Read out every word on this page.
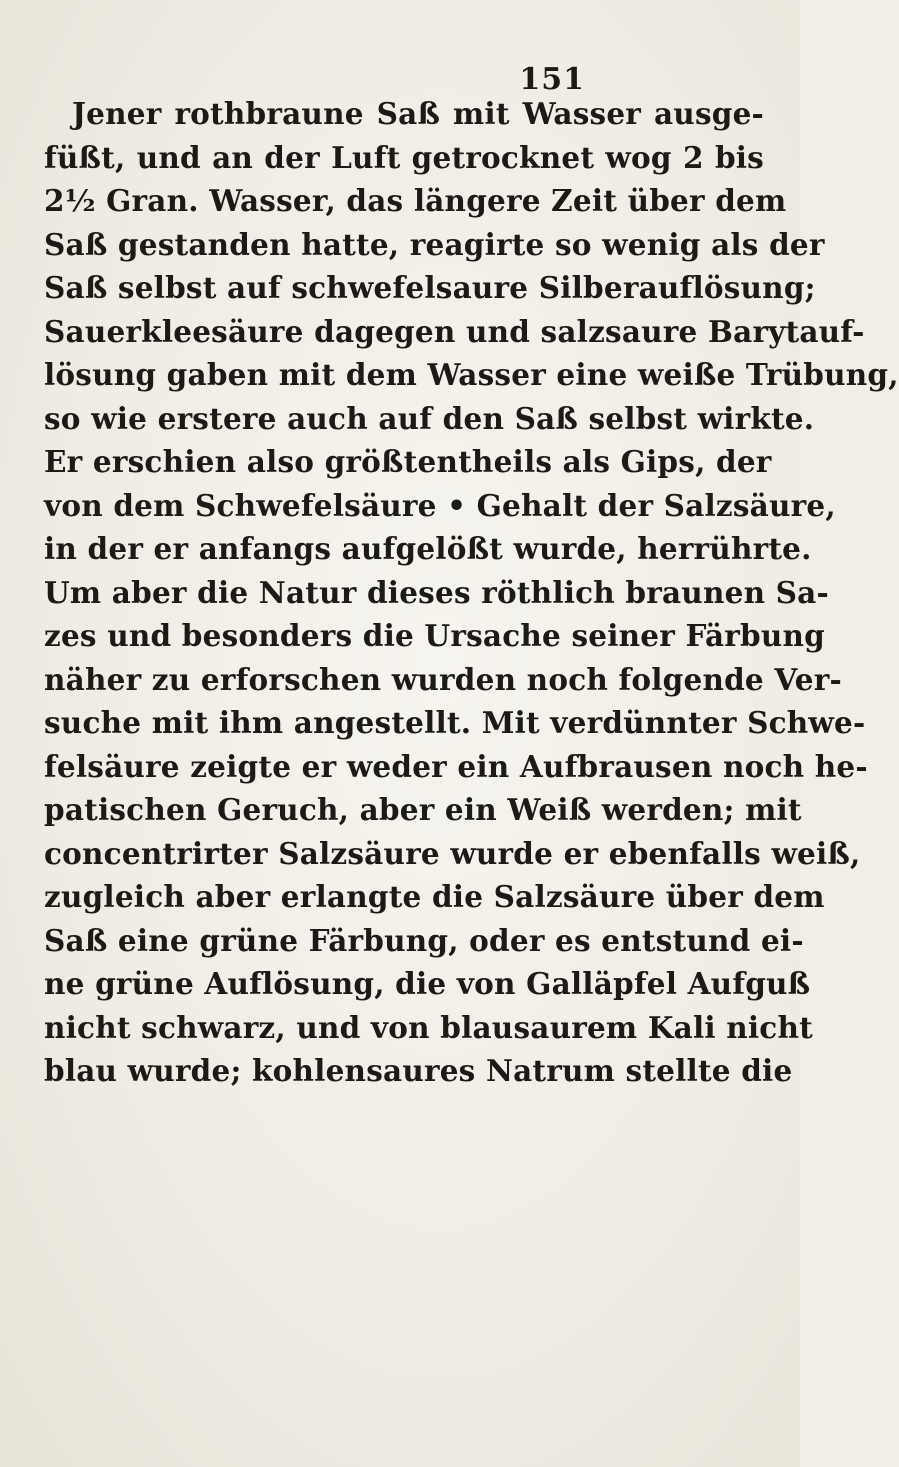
151
Jener rothbraune Saß mit Wasser ausge-
füßt, und an der Luft getrocknet wog 2 bis
2½ Gran. Wasser, das längere Zeit über dem
Saß gestanden hatte, reagirte so wenig als der
Saß selbst auf schwefelsaure Silberauflösung;
Sauerkleesäure dagegen und salzsaure Barytauf-
lösung gaben mit dem Wasser eine weiße Trübung,
so wie erstere auch auf den Saß selbst wirkte.
Er erschien also größtentheils als Gips, der
von dem Schwefelsäure • Gehalt der Salzsäure,
in der er anfangs aufgelößt wurde, herrührte.
Um aber die Natur dieses röthlich braunen Sa-
zes und besonders die Ursache seiner Färbung
näher zu erforschen wurden noch folgende Ver-
suche mit ihm angestellt. Mit verdünnter Schwe-
felsäure zeigte er weder ein Aufbrausen noch he-
patischen Geruch, aber ein Weiß werden; mit
concentrirter Salzsäure wurde er ebenfalls weiß,
zugleich aber erlangte die Salzsäure über dem
Saß eine grüne Färbung, oder es entstund ei-
ne grüne Auflösung, die von Galläpfel Aufguß
nicht schwarz, und von blausaurem Kali nicht
blau wurde; kohlensaures Natrum stellte die
